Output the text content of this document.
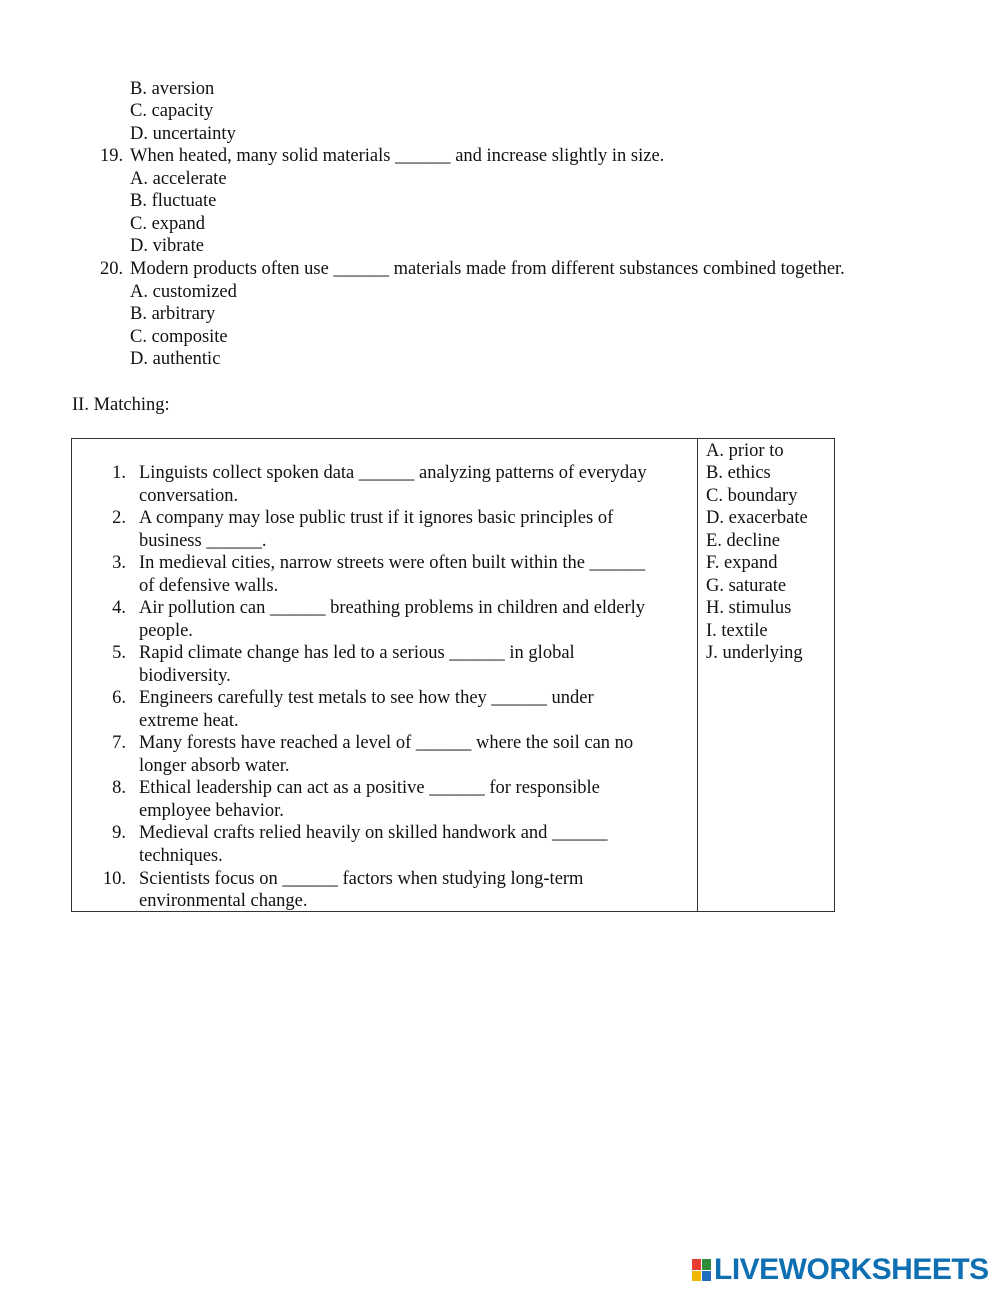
B. aversion
C. capacity
D. uncertainty
19. When heated, many solid materials ______ and increase slightly in size.
A. accelerate
B. fluctuate
C. expand
D. vibrate
20. Modern products often use ______ materials made from different substances combined together.
A. customized
B. arbitrary
C. composite
D. authentic
II. Matching:
1. Linguists collect spoken data ______ analyzing patterns of everyday
conversation.
2. A company may lose public trust if it ignores basic principles of
business ______.
3. In medieval cities, narrow streets were often built within the ______
of defensive walls.
4. Air pollution can ______ breathing problems in children and elderly
people.
5. Rapid climate change has led to a serious ______ in global
biodiversity.
6. Engineers carefully test metals to see how they ______ under
extreme heat.
7. Many forests have reached a level of ______ where the soil can no
longer absorb water.
8. Ethical leadership can act as a positive ______ for responsible
employee behavior.
9. Medieval crafts relied heavily on skilled handwork and ______
techniques.
10. Scientists focus on ______ factors when studying long-term
environmental change.
A. prior to
B. ethics
C. boundary
D. exacerbate
E. decline
F. expand
G. saturate
H. stimulus
I. textile
J. underlying
LIVEWORKSHEETS
